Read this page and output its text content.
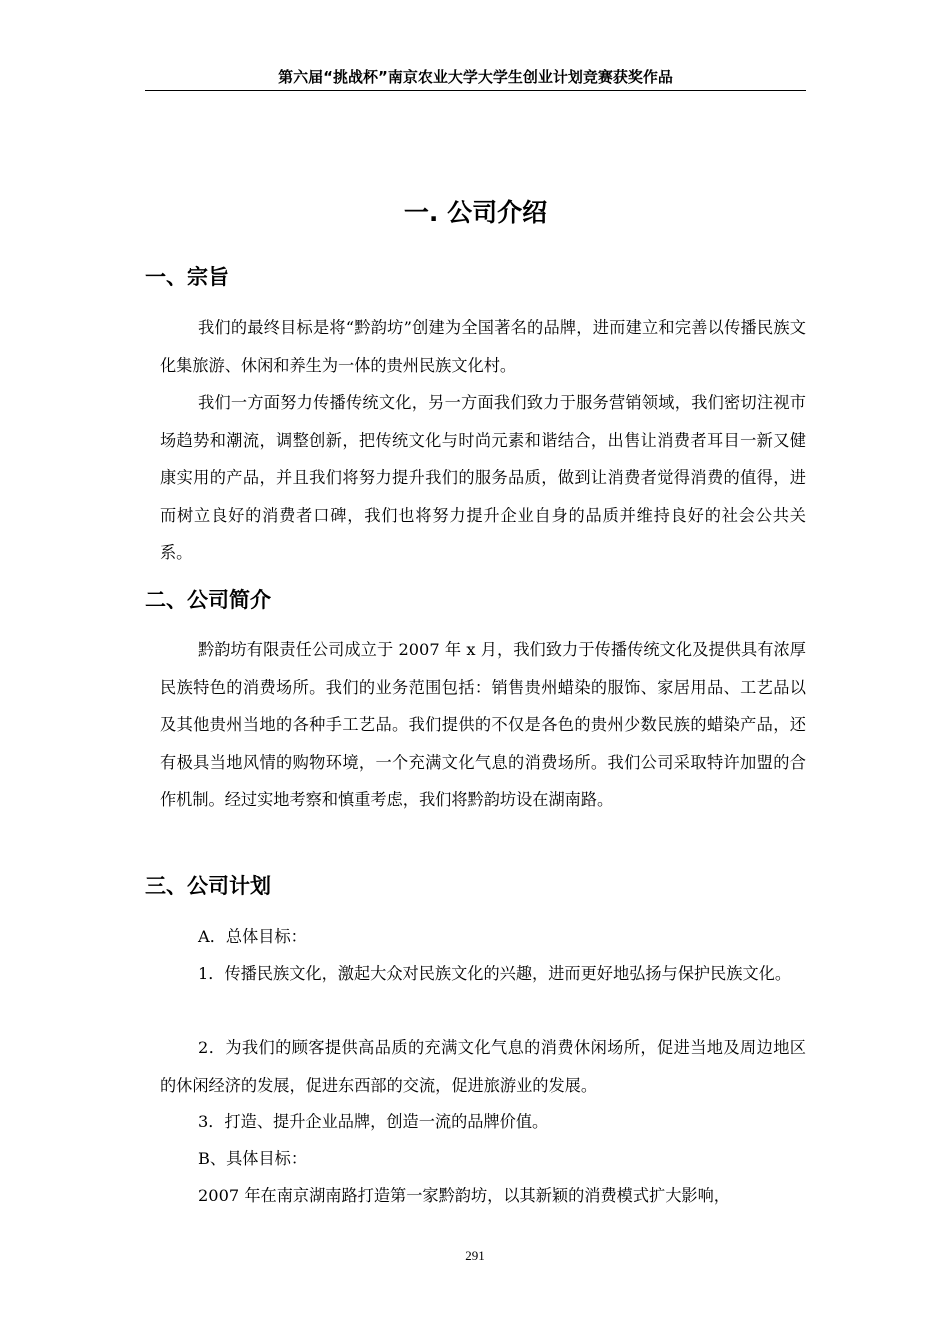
第六届“挑战杯”南京农业大学大学生创业计划竞赛获奖作品
一. 公司介绍
一、宗旨

我们的最终目标是将“黔韵坊”创建为全国著名的品牌，进而建立和完善以传播民族文化集旅游、休闲和养生为一体的贵州民族文化村。

我们一方面努力传播传统文化，另一方面我们致力于服务营销领域，我们密切注视市场趋势和潮流，调整创新，把传统文化与时尚元素和谐结合，出售让消费者耳目一新又健康实用的产品，并且我们将努力提升我们的服务品质，做到让消费者觉得消费的值得，进而树立良好的消费者口碑，我们也将努力提升企业自身的品质并维持良好的社会公共关系。

二、公司简介

黔韵坊有限责任公司成立于 2007 年 x 月，我们致力于传播传统文化及提供具有浓厚民族特色的消费场所。我们的业务范围包括：销售贵州蜡染的服饰、家居用品、工艺品以及其他贵州当地的各种手工艺品。我们提供的不仅是各色的贵州少数民族的蜡染产品，还有极具当地风情的购物环境，一个充满文化气息的消费场所。我们公司采取特许加盟的合作机制。经过实地考察和慎重考虑，我们将黔韵坊设在湖南路。

三、公司计划

A．总体目标：

1．传播民族文化，激起大众对民族文化的兴趣，进而更好地弘扬与保护民族文化。

2．为我们的顾客提供高品质的充满文化气息的消费休闲场所，促进当地及周边地区的休闲经济的发展，促进东西部的交流，促进旅游业的发展。

3．打造、提升企业品牌，创造一流的品牌价值。

B、具体目标：

2007 年在南京湖南路打造第一家黔韵坊，以其新颖的消费模式扩大影响，

291
